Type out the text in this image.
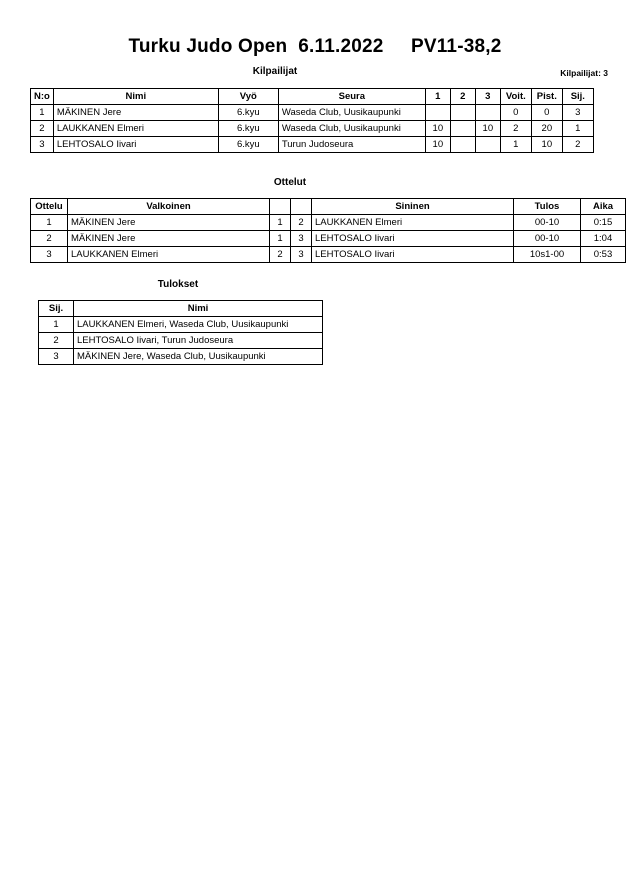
Turku Judo Open  6.11.2022     PV11-38,2
Kilpailijat: 3
Kilpailijat
N:o	Nimi	Vyö	Seura	1	2	3	Voit.	Pist.	Sij.
1	MÄKINEN Jere	6.kyu	Waseda Club, Uusikaupunki				0	0	3
2	LAUKKANEN Elmeri	6.kyu	Waseda Club, Uusikaupunki	10		10	2	20	1
3	LEHTOSALO Iivari	6.kyu	Turun Judoseura	10			1	10	2
Ottelut
Ottelu	Valkoinen			Sininen	Tulos	Aika
1	MÄKINEN Jere	1	2	LAUKKANEN Elmeri	00-10	0:15
2	MÄKINEN Jere	1	3	LEHTOSALO Iivari	00-10	1:04
3	LAUKKANEN Elmeri	2	3	LEHTOSALO Iivari	10s1-00	0:53
Tulokset
Sij.	Nimi
1	LAUKKANEN Elmeri, Waseda Club, Uusikaupunki
2	LEHTOSALO Iivari, Turun Judoseura
3	MÄKINEN Jere, Waseda Club, Uusikaupunki
